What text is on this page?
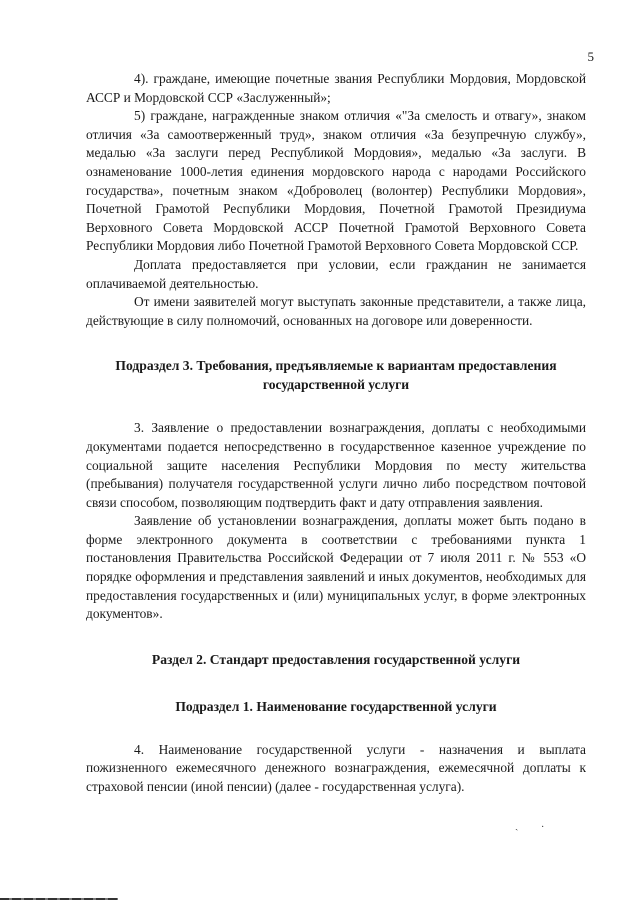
5

4). граждане, имеющие почетные звания Республики Мордовия, Мордовской АССР и Мордовской ССР «Заслуженный»;

5) граждане, награжденные знаком отличия «"За смелость и отвагу», знаком отличия «За самоотверженный труд», знаком отличия «За безупречную службу», медалью «За заслуги перед Республикой Мордовия», медалью «За заслуги. В ознаменование 1000-летия единения мордовского народа с народами Российского государства», почетным знаком «Доброволец (волонтер) Республики Мордовия», Почетной Грамотой Республики Мордовия, Почетной Грамотой Президиума Верховного Совета Мордовской АССР Почетной Грамотой Верховного Совета Республики Мордовия либо Почетной Грамотой Верховного Совета Мордовской ССР.

Доплата предоставляется при условии, если гражданин не занимается оплачиваемой деятельностью.

От имени заявителей могут выступать законные представители, а также лица, действующие в силу полномочий, основанных на договоре или доверенности.

Подраздел 3. Требования, предъявляемые к вариантам предоставления государственной услуги

3. Заявление о предоставлении вознаграждения, доплаты с необходимыми документами подается непосредственно в государственное казенное учреждение по социальной защите населения Республики Мордовия по месту жительства (пребывания) получателя государственной услуги лично либо посредством почтовой связи способом, позволяющим подтвердить факт и дату отправления заявления.

Заявление об установлении вознаграждения, доплаты может быть подано в форме электронного документа в соответствии с требованиями пункта 1 постановления Правительства Российской Федерации от 7 июля 2011 г. № 553 «О порядке оформления и представления заявлений и иных документов, необходимых для предоставления государственных и (или) муниципальных услуг, в форме электронных документов».

Раздел 2. Стандарт предоставления государственной услуги
Подраздел 1. Наименование государственной услуги

4. Наименование государственной услуги - назначения и выплата пожизненного ежемесячного денежного вознаграждения, ежемесячной доплаты к страховой пенсии (иной пенсии) (далее - государственная услуга).

ˎ ·
